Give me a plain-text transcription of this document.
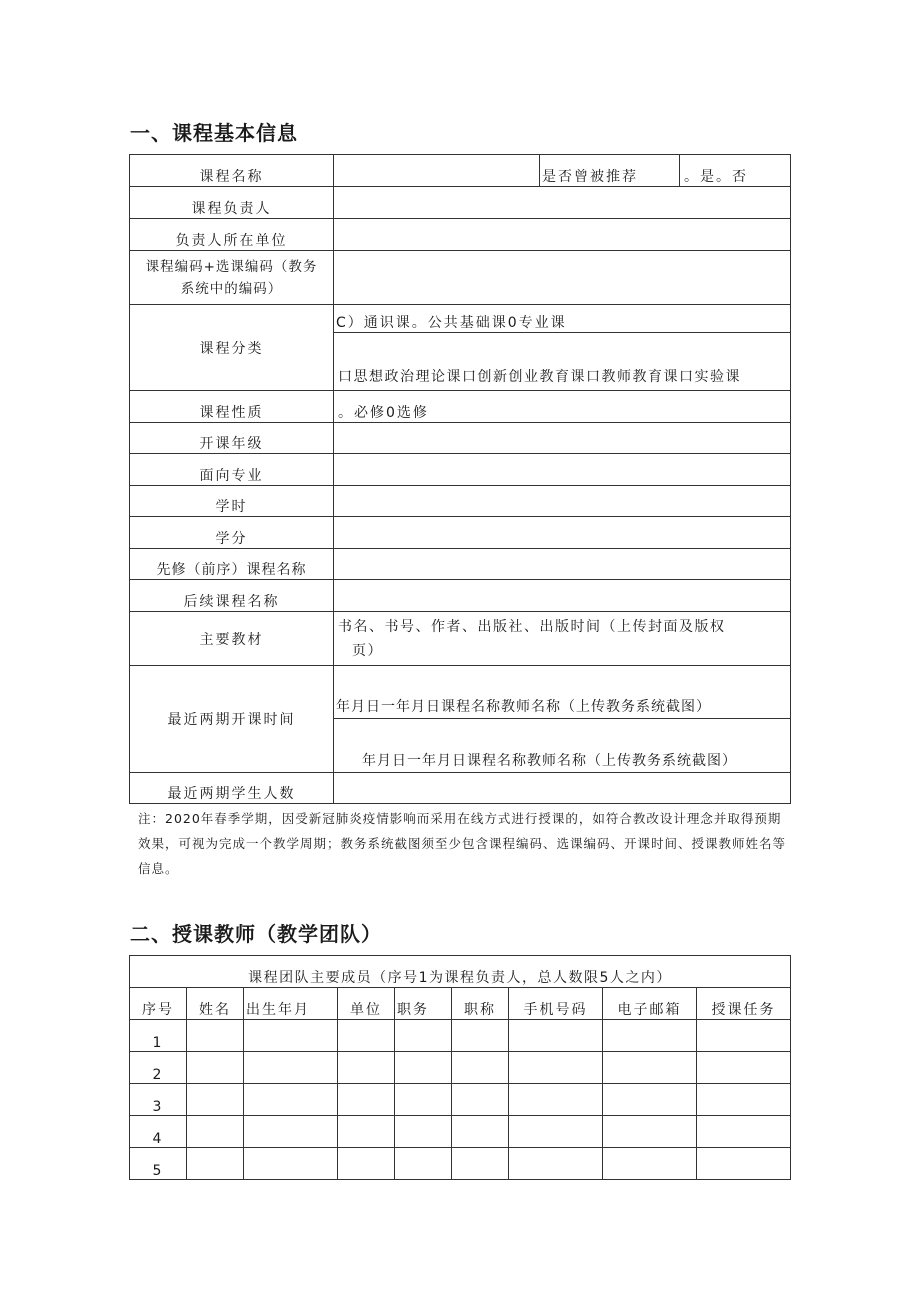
一、课程基本信息
课程名称		是否曾被推荐	。是。否
课程负责人			
负责人所在单位			

课程编码+选课编码（教务
系统中的编码）			

课程分类	C）通识课。公共基础课0专业课		
	口思想政治理论课口创新创业教育课口教师教育课口实验课		
课程性质	。必修0选修		
开课年级			
面向专业			
学时			
学分			
先修（前序）课程名称			
后续课程名称			
主要教材	书名、书号、作者、出版社、出版时间（上传封面及版权
页）		

最近两期开课时间	年月日一年月日课程名称教师名称（上传教务系统截图）		
	年月日一年月日课程名称教师名称（上传教务系统截图）		
最近两期学生人数			
注：2020年春季学期，因受新冠肺炎疫情影响而采用在线方式进行授课的，如符合教改设计理念并取得预期效果，可视为完成一个教学周期；教务系统截图须至少包含课程编码、选课编码、开课时间、授课教师姓名等信息。
二、授课教师（教学团队）
课程团队主要成员（序号1为课程负责人，总人数限5人之内）								
序号	姓名	出生年月	单位	职务	职称	手机号码	电子邮箱	授课任务
1								
2								
3								
4								
5								
